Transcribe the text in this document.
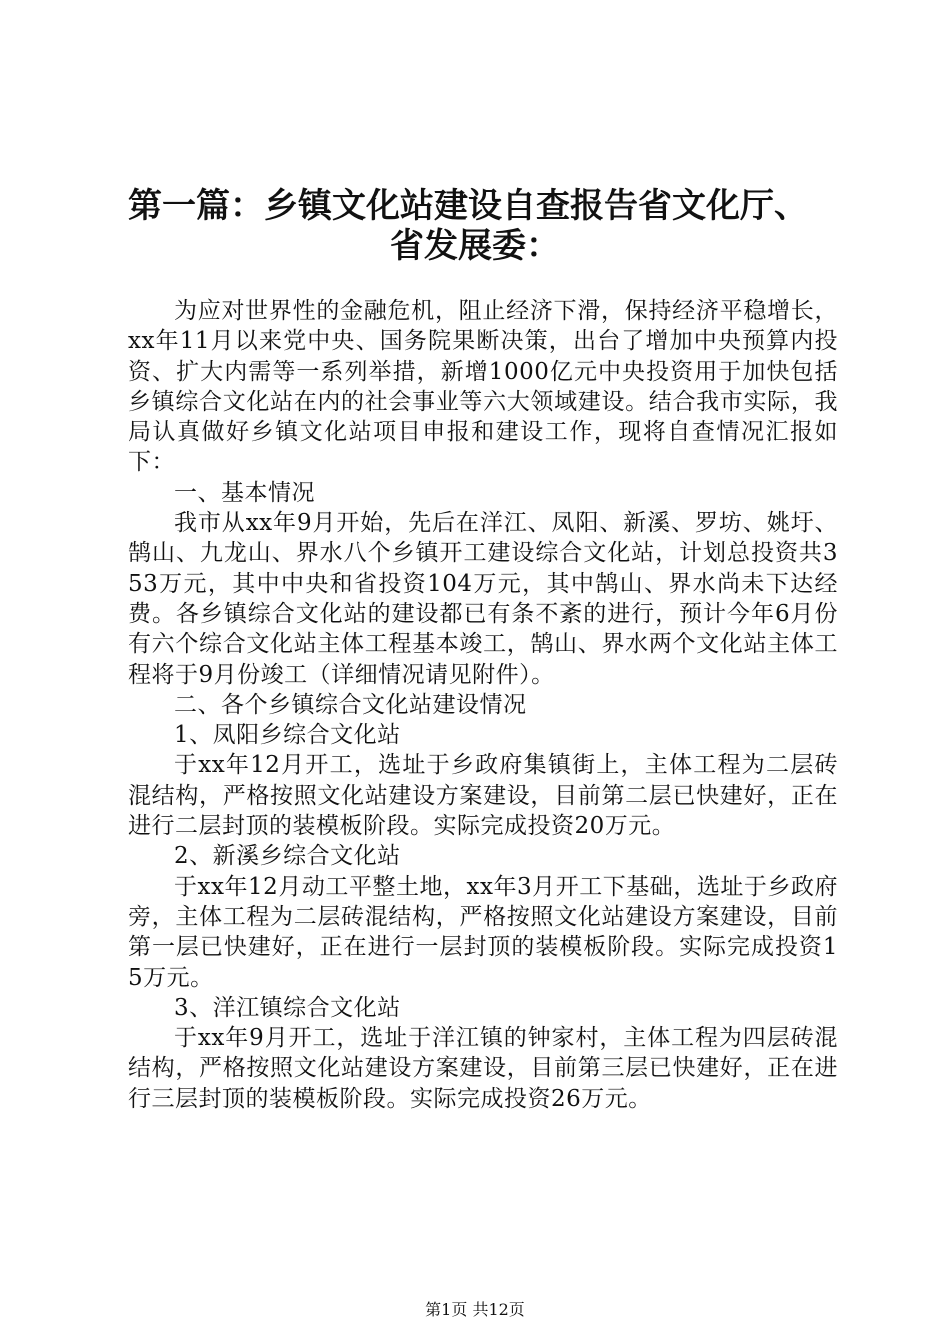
第一篇：乡镇文化站建设自查报告省文化厅、
省发展委：

为应对世界性的金融危机，阻止经济下滑，保持经济平稳增长，xx年11月以来党中央、国务院果断决策，出台了增加中央预算内投资、扩大内需等一系列举措，新增1000亿元中央投资用于加快包括乡镇综合文化站在内的社会事业等六大领域建设。结合我市实际，我局认真做好乡镇文化站项目申报和建设工作，现将自查情况汇报如下：

一、基本情况

我市从xx年9月开始，先后在洋江、凤阳、新溪、罗坊、姚圩、鹄山、九龙山、界水八个乡镇开工建设综合文化站，计划总投资共353万元，其中中央和省投资104万元，其中鹄山、界水尚未下达经费。各乡镇综合文化站的建设都已有条不紊的进行，预计今年6月份有六个综合文化站主体工程基本竣工，鹄山、界水两个文化站主体工程将于9月份竣工（详细情况请见附件）。

二、各个乡镇综合文化站建设情况

1、凤阳乡综合文化站

于xx年12月开工，选址于乡政府集镇街上，主体工程为二层砖混结构，严格按照文化站建设方案建设，目前第二层已快建好，正在进行二层封顶的装模板阶段。实际完成投资20万元。

2、新溪乡综合文化站

于xx年12月动工平整土地，xx年3月开工下基础，选址于乡政府旁，主体工程为二层砖混结构，严格按照文化站建设方案建设，目前第一层已快建好，正在进行一层封顶的装模板阶段。实际完成投资15万元。

3、洋江镇综合文化站

于xx年9月开工，选址于洋江镇的钟家村，主体工程为四层砖混结构，严格按照文化站建设方案建设，目前第三层已快建好，正在进行三层封顶的装模板阶段。实际完成投资26万元。

第1页 共12页
